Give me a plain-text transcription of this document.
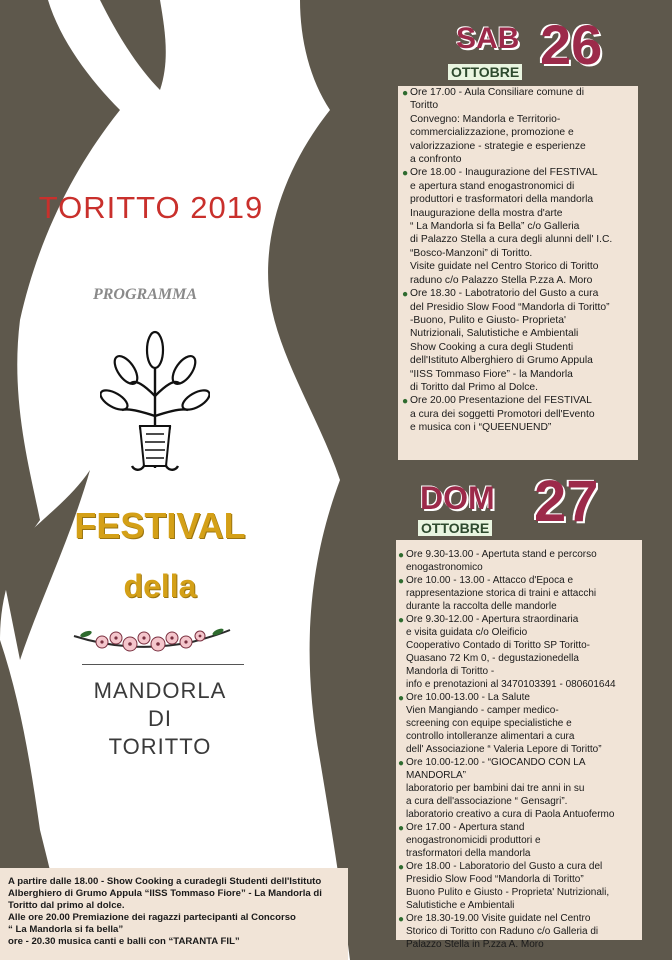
TORITTO 2019
PROGRAMMA
FESTIVAL
della
MANDORLA
DI
TORITTO
SAB 26
OTTOBRE
● Ore 17.00 - Aula Consiliare comune di
Toritto
Convegno: Mandorla e Territorio-
commercializzazione, promozione e
valorizzazione - strategie e esperienze
a confronto
● Ore 18.00 - Inaugurazione del FESTIVAL
e apertura stand enogastronomici di
produttori e trasformatori della mandorla
Inaugurazione della mostra d'arte
“ La Mandorla si fa Bella” c/o Galleria
di Palazzo Stella a cura degli alunni dell' I.C.
“Bosco-Manzoni” di Toritto.
Visite guidate nel Centro Storico di Toritto
raduno c/o Palazzo Stella P.zza A. Moro
● Ore 18.30 - Labotratorio del Gusto a cura
del Presidio Slow Food “Mandorla di Toritto”
-Buono, Pulito e Giusto- Proprieta'
Nutrizionali, Salutistiche e Ambientali
Show Cooking a cura degli Studenti
dell'Istituto Alberghiero di Grumo Appula
“IISS Tommaso Fiore” - la Mandorla
di Toritto dal Primo al Dolce.
● Ore 20.00 Presentazione del FESTIVAL
a cura dei soggetti Promotori dell'Evento
e musica con i “QUEENUEND”
DOM 27
OTTOBRE
● Ore 9.30-13.00 - Apertuta stand e percorso
enogastronomico
● Ore 10.00 - 13.00 - Attacco d'Epoca e
rappresentazione storica di traini e attacchi
durante la raccolta delle mandorle
● Ore 9.30-12.00 - Apertura straordinaria
e visita guidata c/o Oleificio
Cooperativo Contado di Toritto SP Toritto-
Quasano 72 Km 0, - degustazionedella
Mandorla di Toritto -
info e prenotazioni al 3470103391 - 080601644
● Ore 10.00-13.00 - La Salute
Vien Mangiando - camper medico-
screening con equipe specialistiche e
controllo intolleranze alimentari a cura
dell' Associazione “ Valeria Lepore di Toritto”
● Ore 10.00-12.00 - “GIOCANDO CON LA MANDORLA”
laboratorio per bambini dai tre anni in su
a cura dell'associazione “ Gensagri”.
laboratorio creativo a cura di Paola Antuofermo
● Ore 17.00 - Apertura stand
enogastronomicidi produttori e
trasformatori della mandorla
● Ore 18.00 - Laboratorio del Gusto a cura del
Presidio Slow Food “Mandorla di Toritto”
Buono Pulito e Giusto - Proprieta' Nutrizionali,
Salutistiche e Ambientali
● Ore 18.30-19.00 Visite guidate nel Centro
Storico di Toritto con Raduno c/o Galleria di
Palazzo Stella in P.zza A. Moro
A partire dalle 18.00 - Show Cooking a curadegli Studenti dell'Istituto
Alberghiero di Grumo Appula “IISS Tommaso Fiore” - La Mandorla di
Toritto dal primo al dolce.
Alle ore 20.00 Premiazione dei ragazzi partecipanti al Concorso
“ La Mandorla si fa bella”
ore - 20.30 musica canti e balli con “TARANTA FIL”
